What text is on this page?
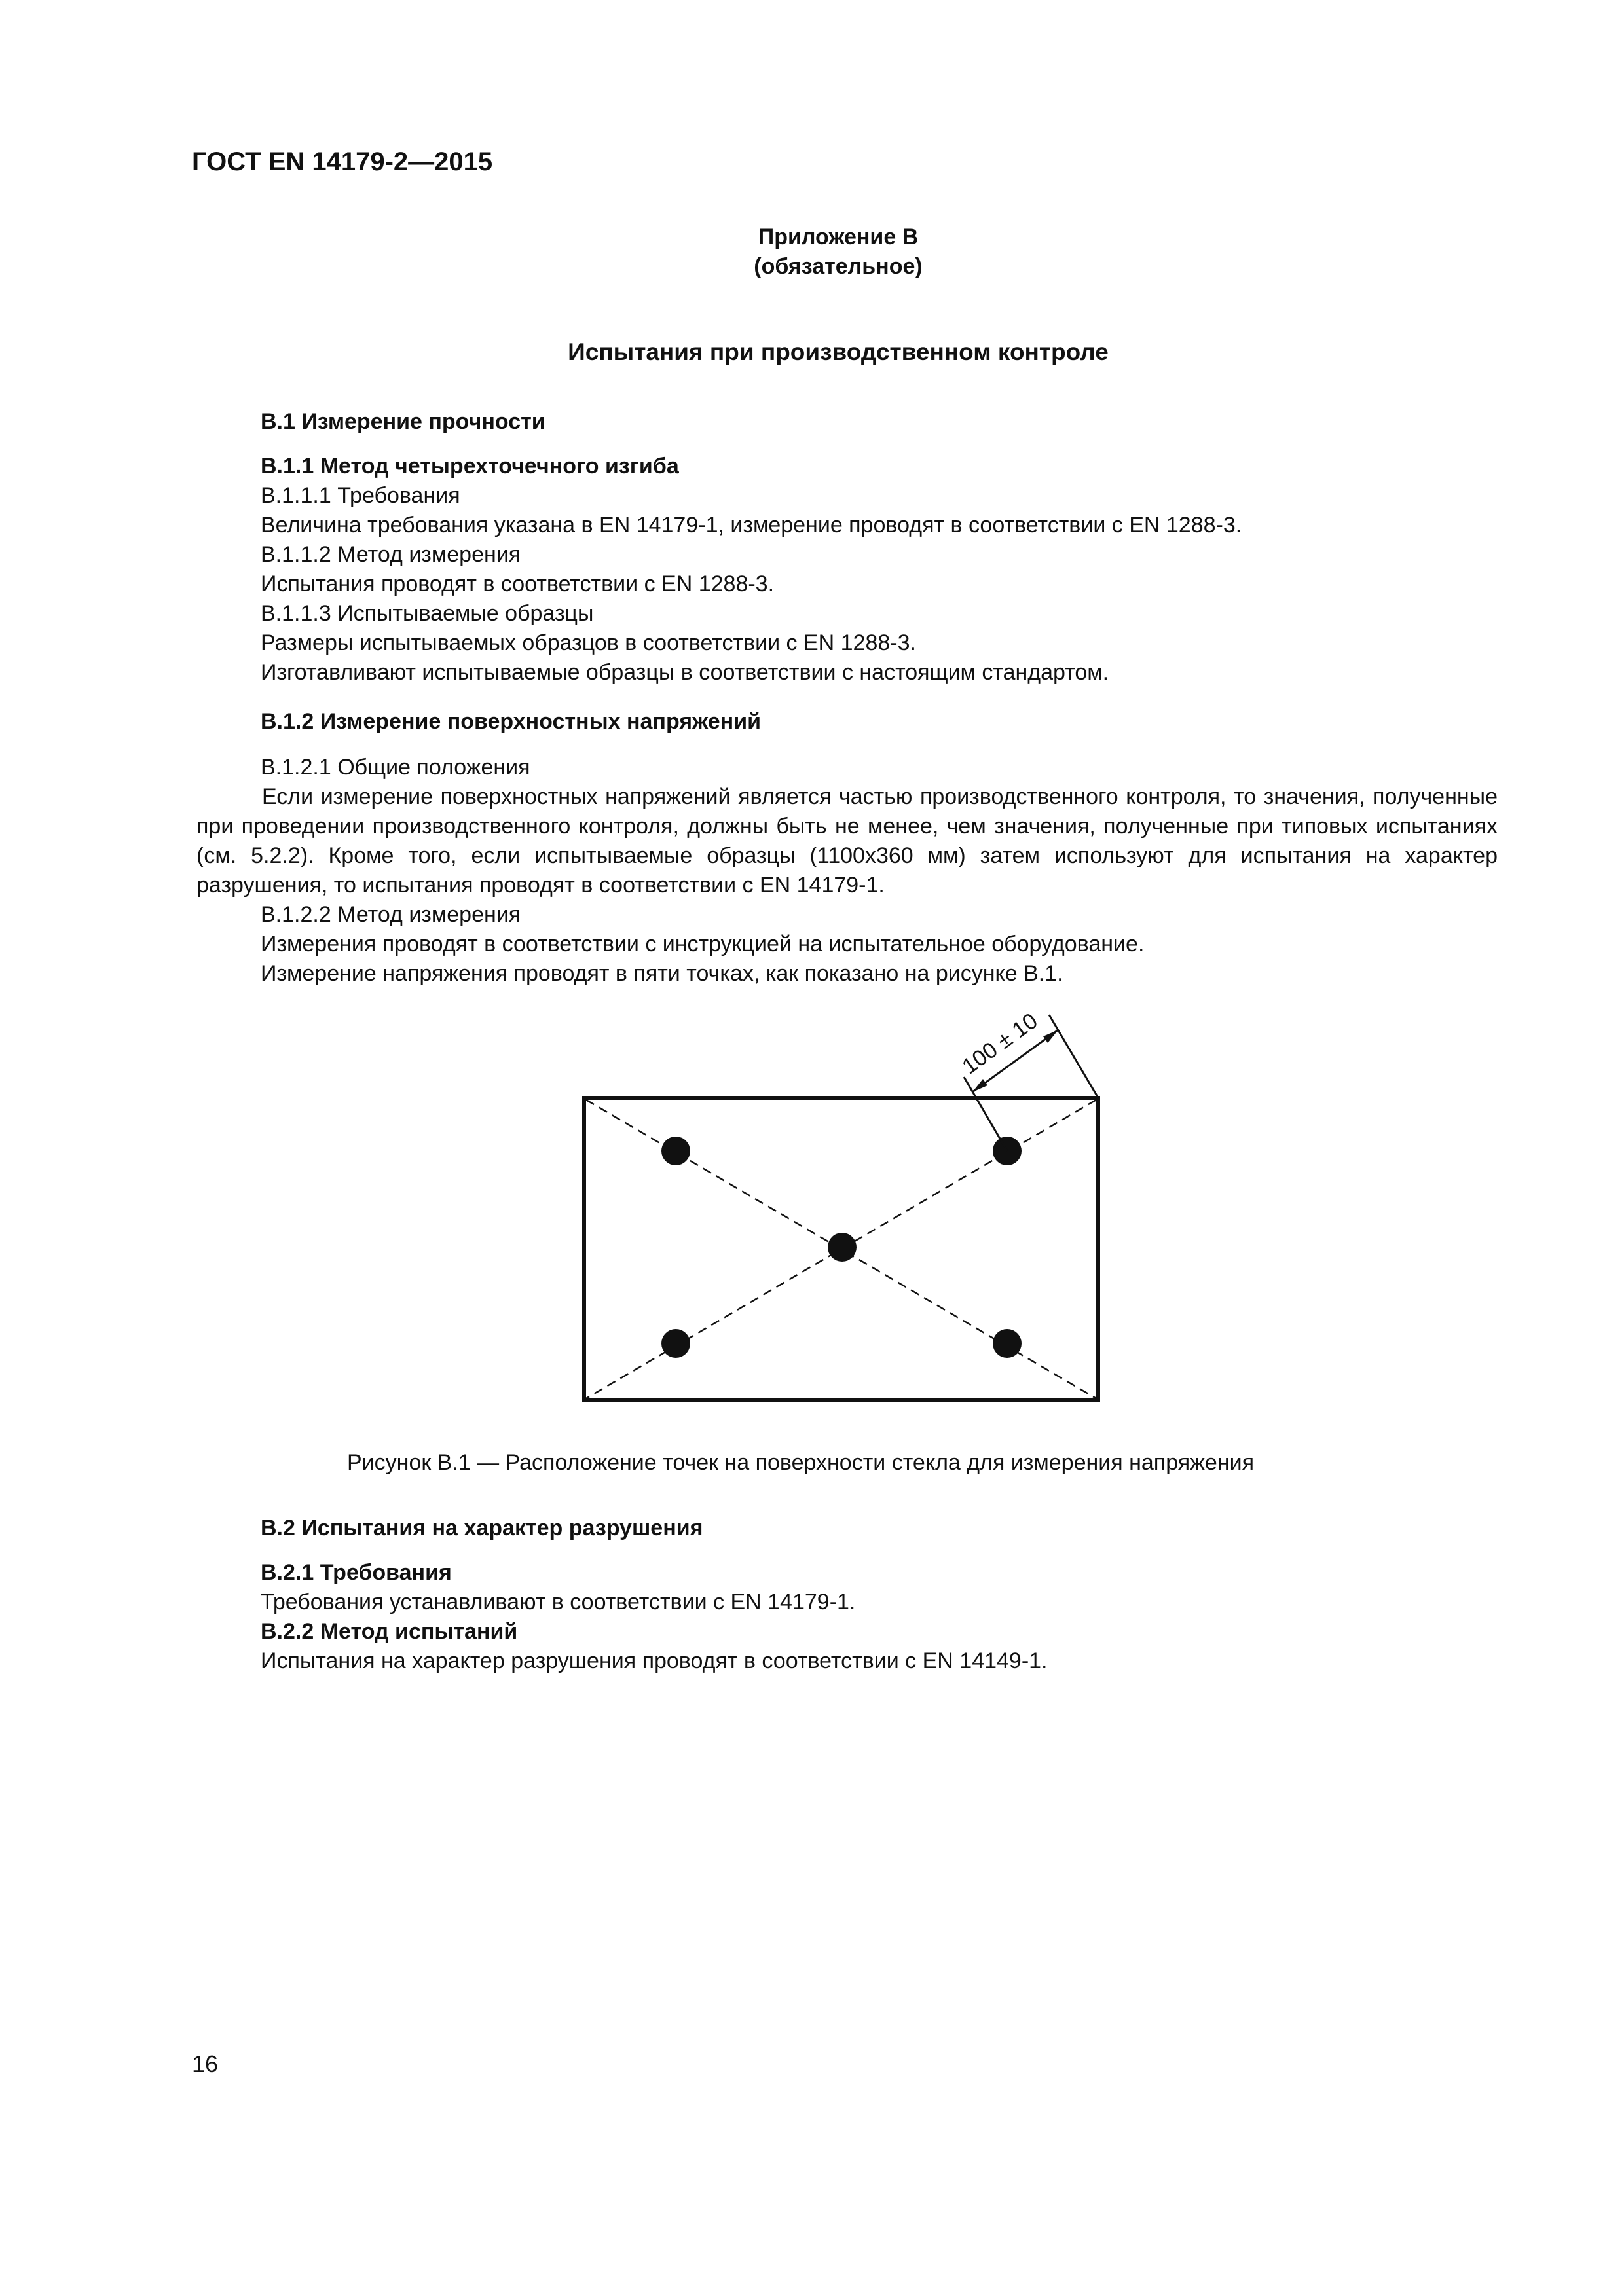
ГОСТ EN 14179-2—2015
Приложение B
(обязательное)
Испытания при производственном контроле
B.1 Измерение прочности
B.1.1 Метод четырехточечного изгиба
B.1.1.1 Требования
Величина требования указана в EN 14179-1, измерение проводят в соответствии с EN 1288-3.
B.1.1.2 Метод измерения
Испытания проводят в соответствии с EN 1288-3.
B.1.1.3 Испытываемые образцы
Размеры испытываемых образцов в соответствии с EN 1288-3.
Изготавливают испытываемые образцы в соответствии с настоящим стандартом.
B.1.2 Измерение поверхностных напряжений
B.1.2.1 Общие положения
Если измерение поверхностных напряжений является частью производственного контроля, то значения, полученные при проведении производственного контроля, должны быть не менее, чем значения, полученные при типовых испытаниях (см. 5.2.2). Кроме того, если испытываемые образцы (1100х360 мм) затем используют для испытания на характер разрушения, то испытания проводят в соответствии с EN 14179-1.
B.1.2.2 Метод измерения
Измерения проводят в соответствии с инструкцией на испытательное оборудование.
Измерение напряжения проводят в пяти точках, как показано на рисунке B.1.
100 ± 10
Рисунок B.1 — Расположение точек на поверхности стекла для измерения напряжения
B.2 Испытания на характер разрушения
B.2.1 Требования
Требования устанавливают в соответствии с EN 14179-1.
B.2.2 Метод испытаний
Испытания на характер разрушения проводят в соответствии с EN 14149-1.
16
